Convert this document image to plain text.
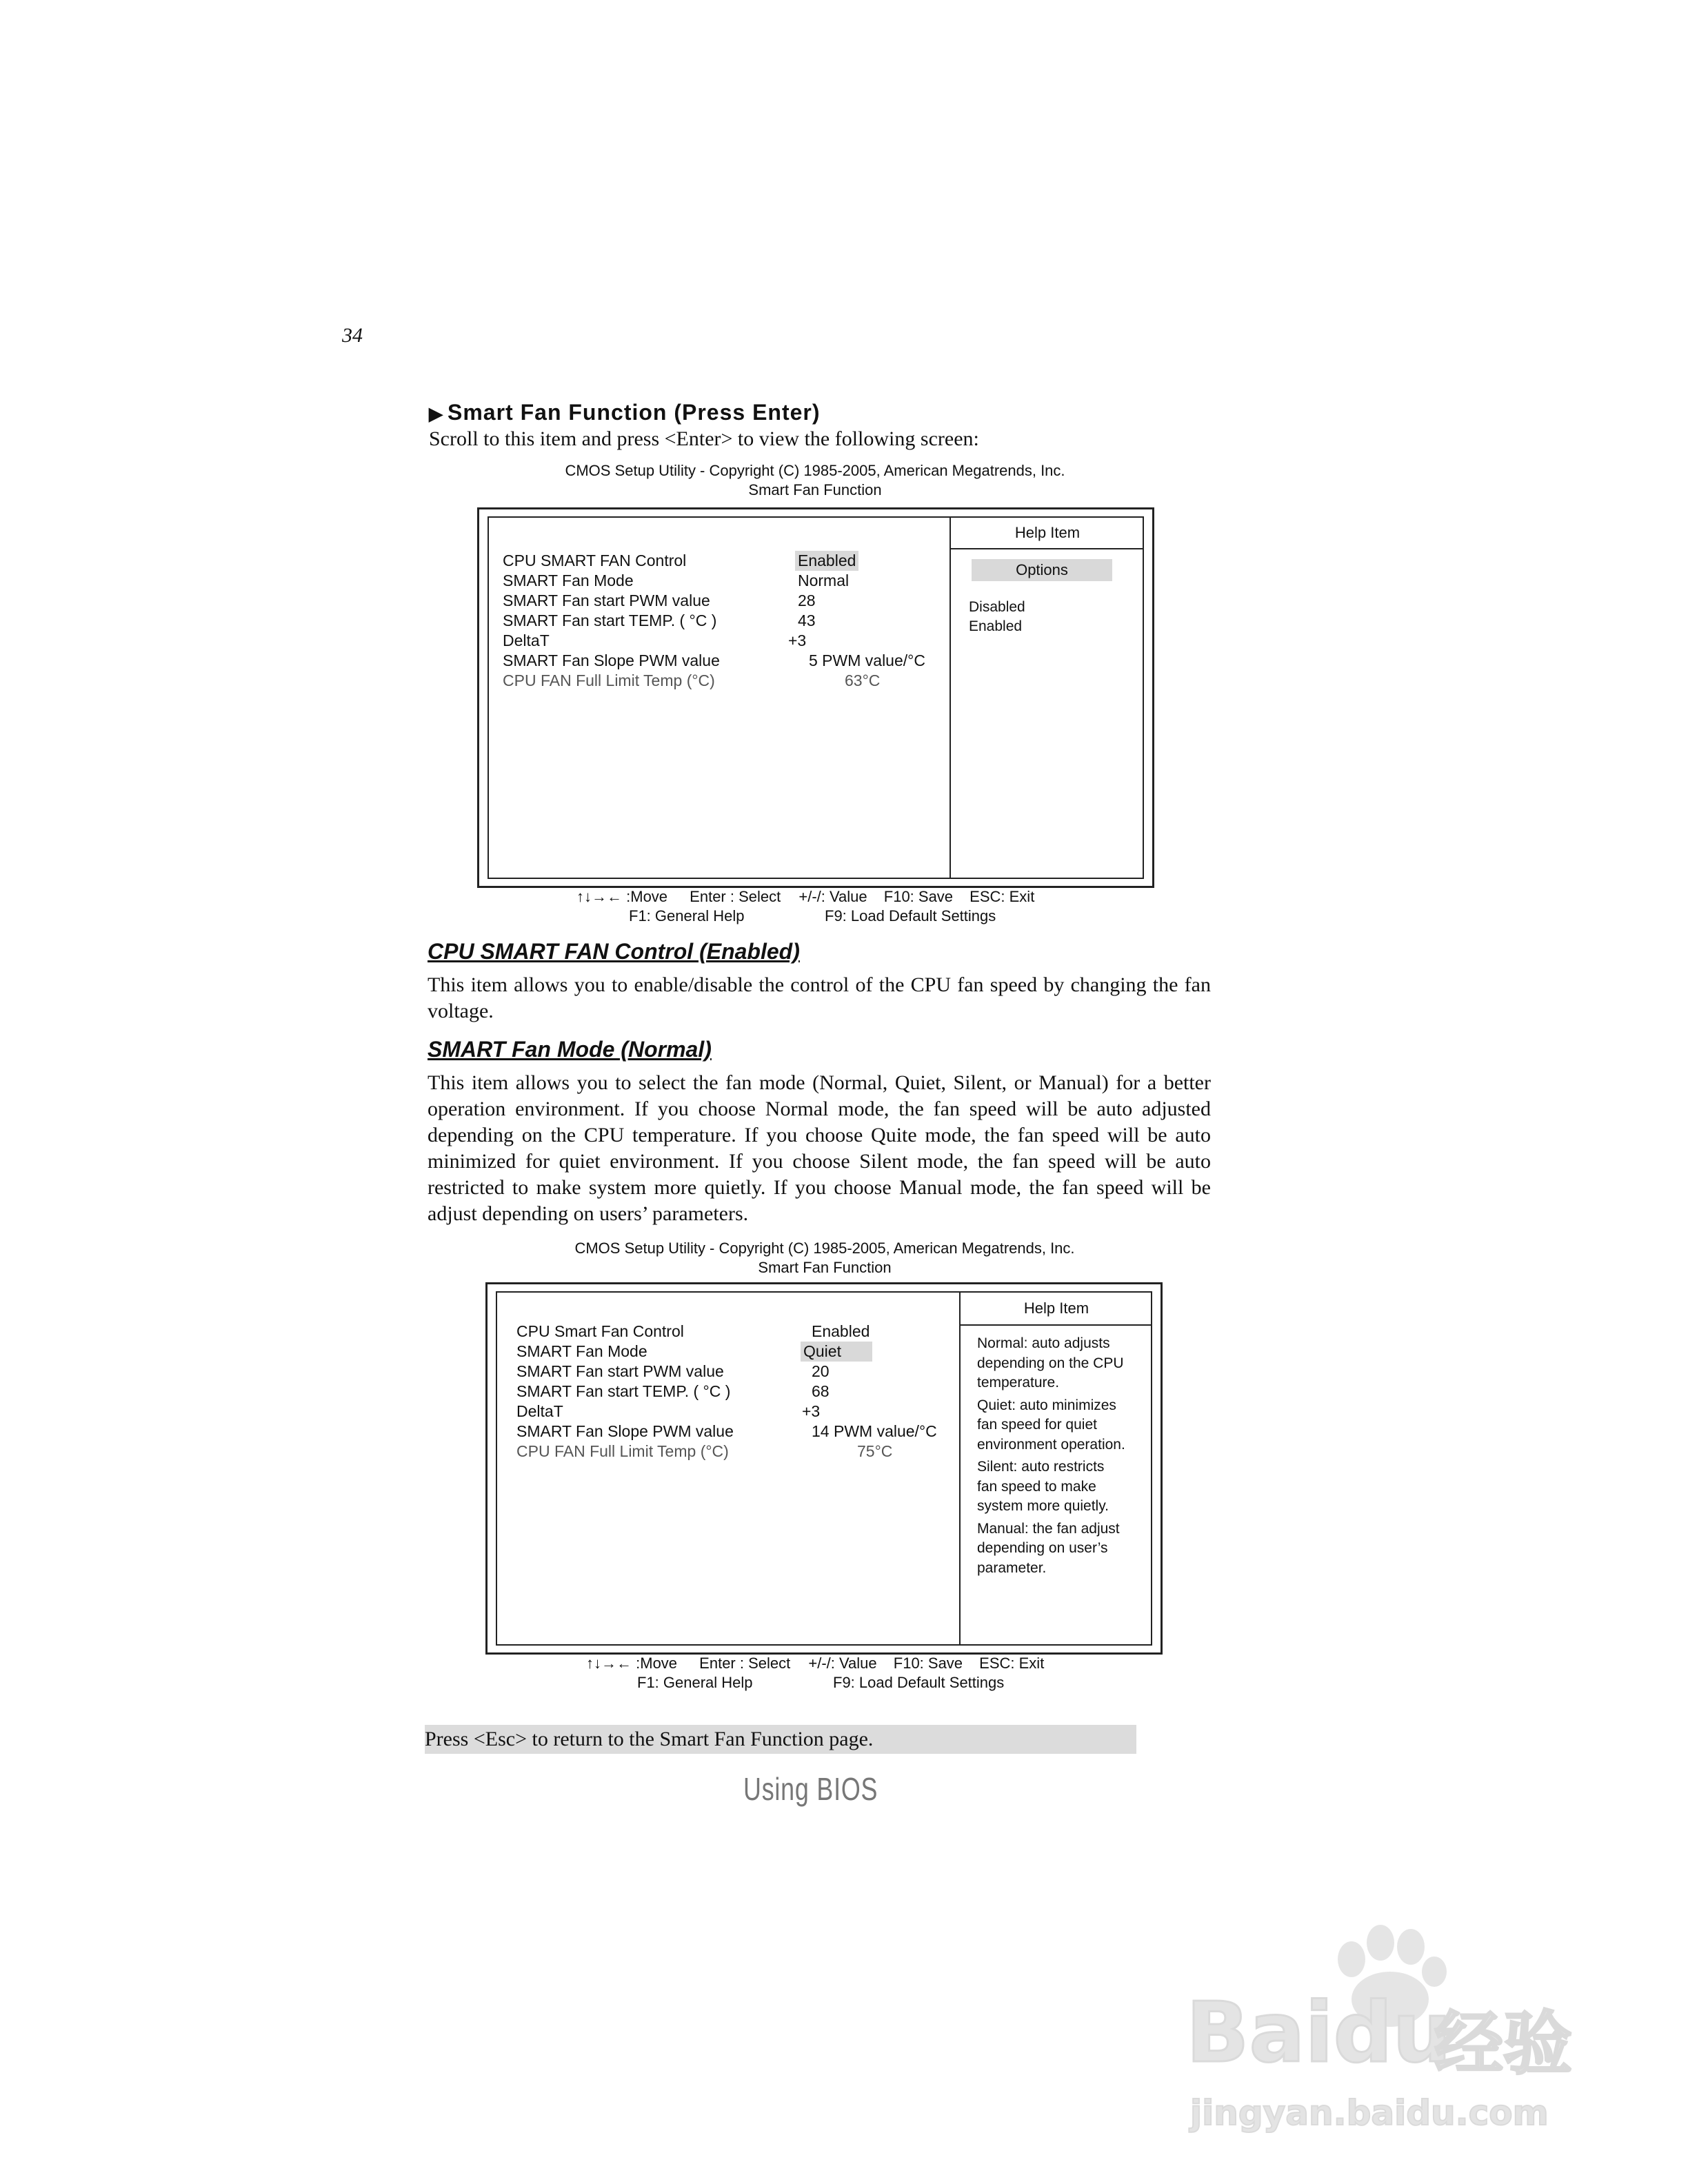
34
▶ Smart Fan Function (Press Enter)
Scroll to this item and press <Enter> to view the following screen:
CMOS Setup Utility - Copyright (C) 1985-2005, American Megatrends, Inc.
Smart Fan Function
CPU SMART FAN Control	Enabled
SMART Fan Mode	Normal
SMART Fan start PWM value	28
SMART Fan start TEMP. ( °C )	43
DeltaT	+3
SMART Fan Slope PWM value	5 PWM value/°C
CPU FAN Full Limit Temp (°C)	63°C
Help Item
Options
Disabled
Enabled
↑↓→← :Move Enter : Select +/-/: Value F10: Save ESC: Exit
F1: General Help	F9: Load Default Settings
CPU SMART FAN Control (Enabled)
This item allows you to enable/disable the control of the CPU fan speed by changing the fan voltage.
SMART Fan Mode (Normal)
This item allows you to select the fan mode (Normal, Quiet, Silent, or Manual) for a better operation environment. If you choose Normal mode, the fan speed will be auto adjusted depending on the CPU temperature. If you choose Quite mode, the fan speed will be auto minimized for quiet environment. If you choose Silent mode, the fan speed will be auto restricted to make system more quietly. If you choose Manual mode, the fan speed will be adjust depending on users’ parameters.
CMOS Setup Utility - Copyright (C) 1985-2005, American Megatrends, Inc.
Smart Fan Function
CPU Smart Fan Control	Enabled
SMART Fan Mode	Quiet
SMART Fan start PWM value	20
SMART Fan start TEMP. ( °C )	68
DeltaT	+3
SMART Fan Slope PWM value	14 PWM value/°C
CPU FAN Full Limit Temp (°C)	75°C
Help Item
Normal: auto adjusts
depending on the CPU
temperature.
Quiet: auto minimizes
fan speed for quiet
environment operation.
Silent: auto restricts
fan speed to make
system more quietly.
Manual: the fan adjust
depending on user’s
parameter.
↑↓→← :Move Enter : Select +/-/: Value F10: Save ESC: Exit
F1: General Help	F9: Load Default Settings
Press <Esc> to return to the Smart Fan Function page.
Using BIOS
Baidu
经验
jingyan.baidu.com
